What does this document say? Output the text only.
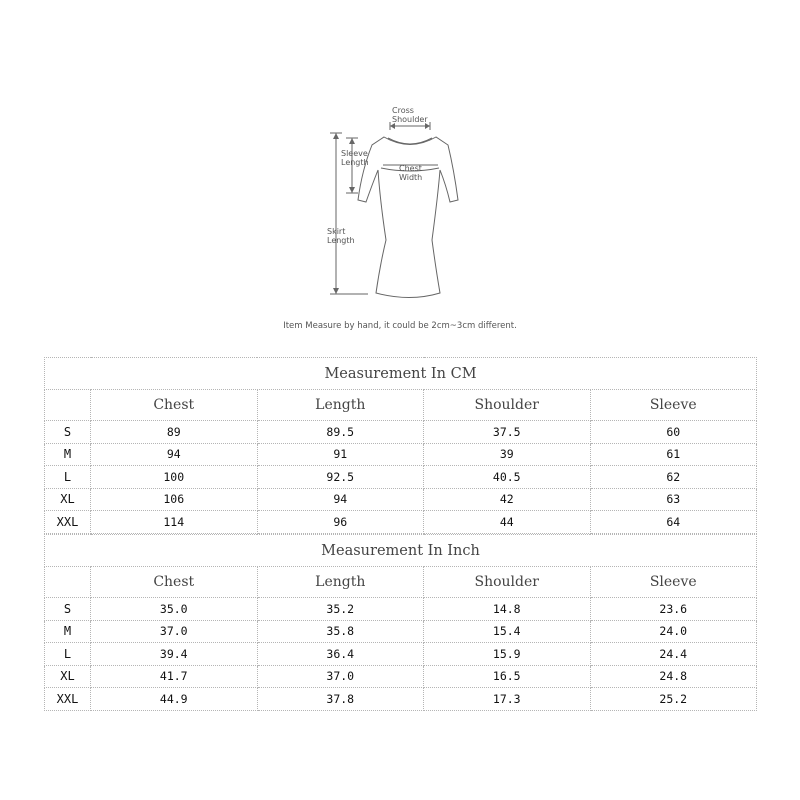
Cross
Shoulder
Sleeve
Length
Chest
Width
Skirt
Length
Item Measure by hand, it could be 2cm~3cm different.
Measurement In CM				
	Chest	Length	Shoulder	Sleeve
S	89	89.5	37.5	60
M	94	91	39	61
L	100	92.5	40.5	62
XL	106	94	42	63
XXL	114	96	44	64
Measurement In Inch				
	Chest	Length	Shoulder	Sleeve
S	35.0	35.2	14.8	23.6
M	37.0	35.8	15.4	24.0
L	39.4	36.4	15.9	24.4
XL	41.7	37.0	16.5	24.8
XXL	44.9	37.8	17.3	25.2
